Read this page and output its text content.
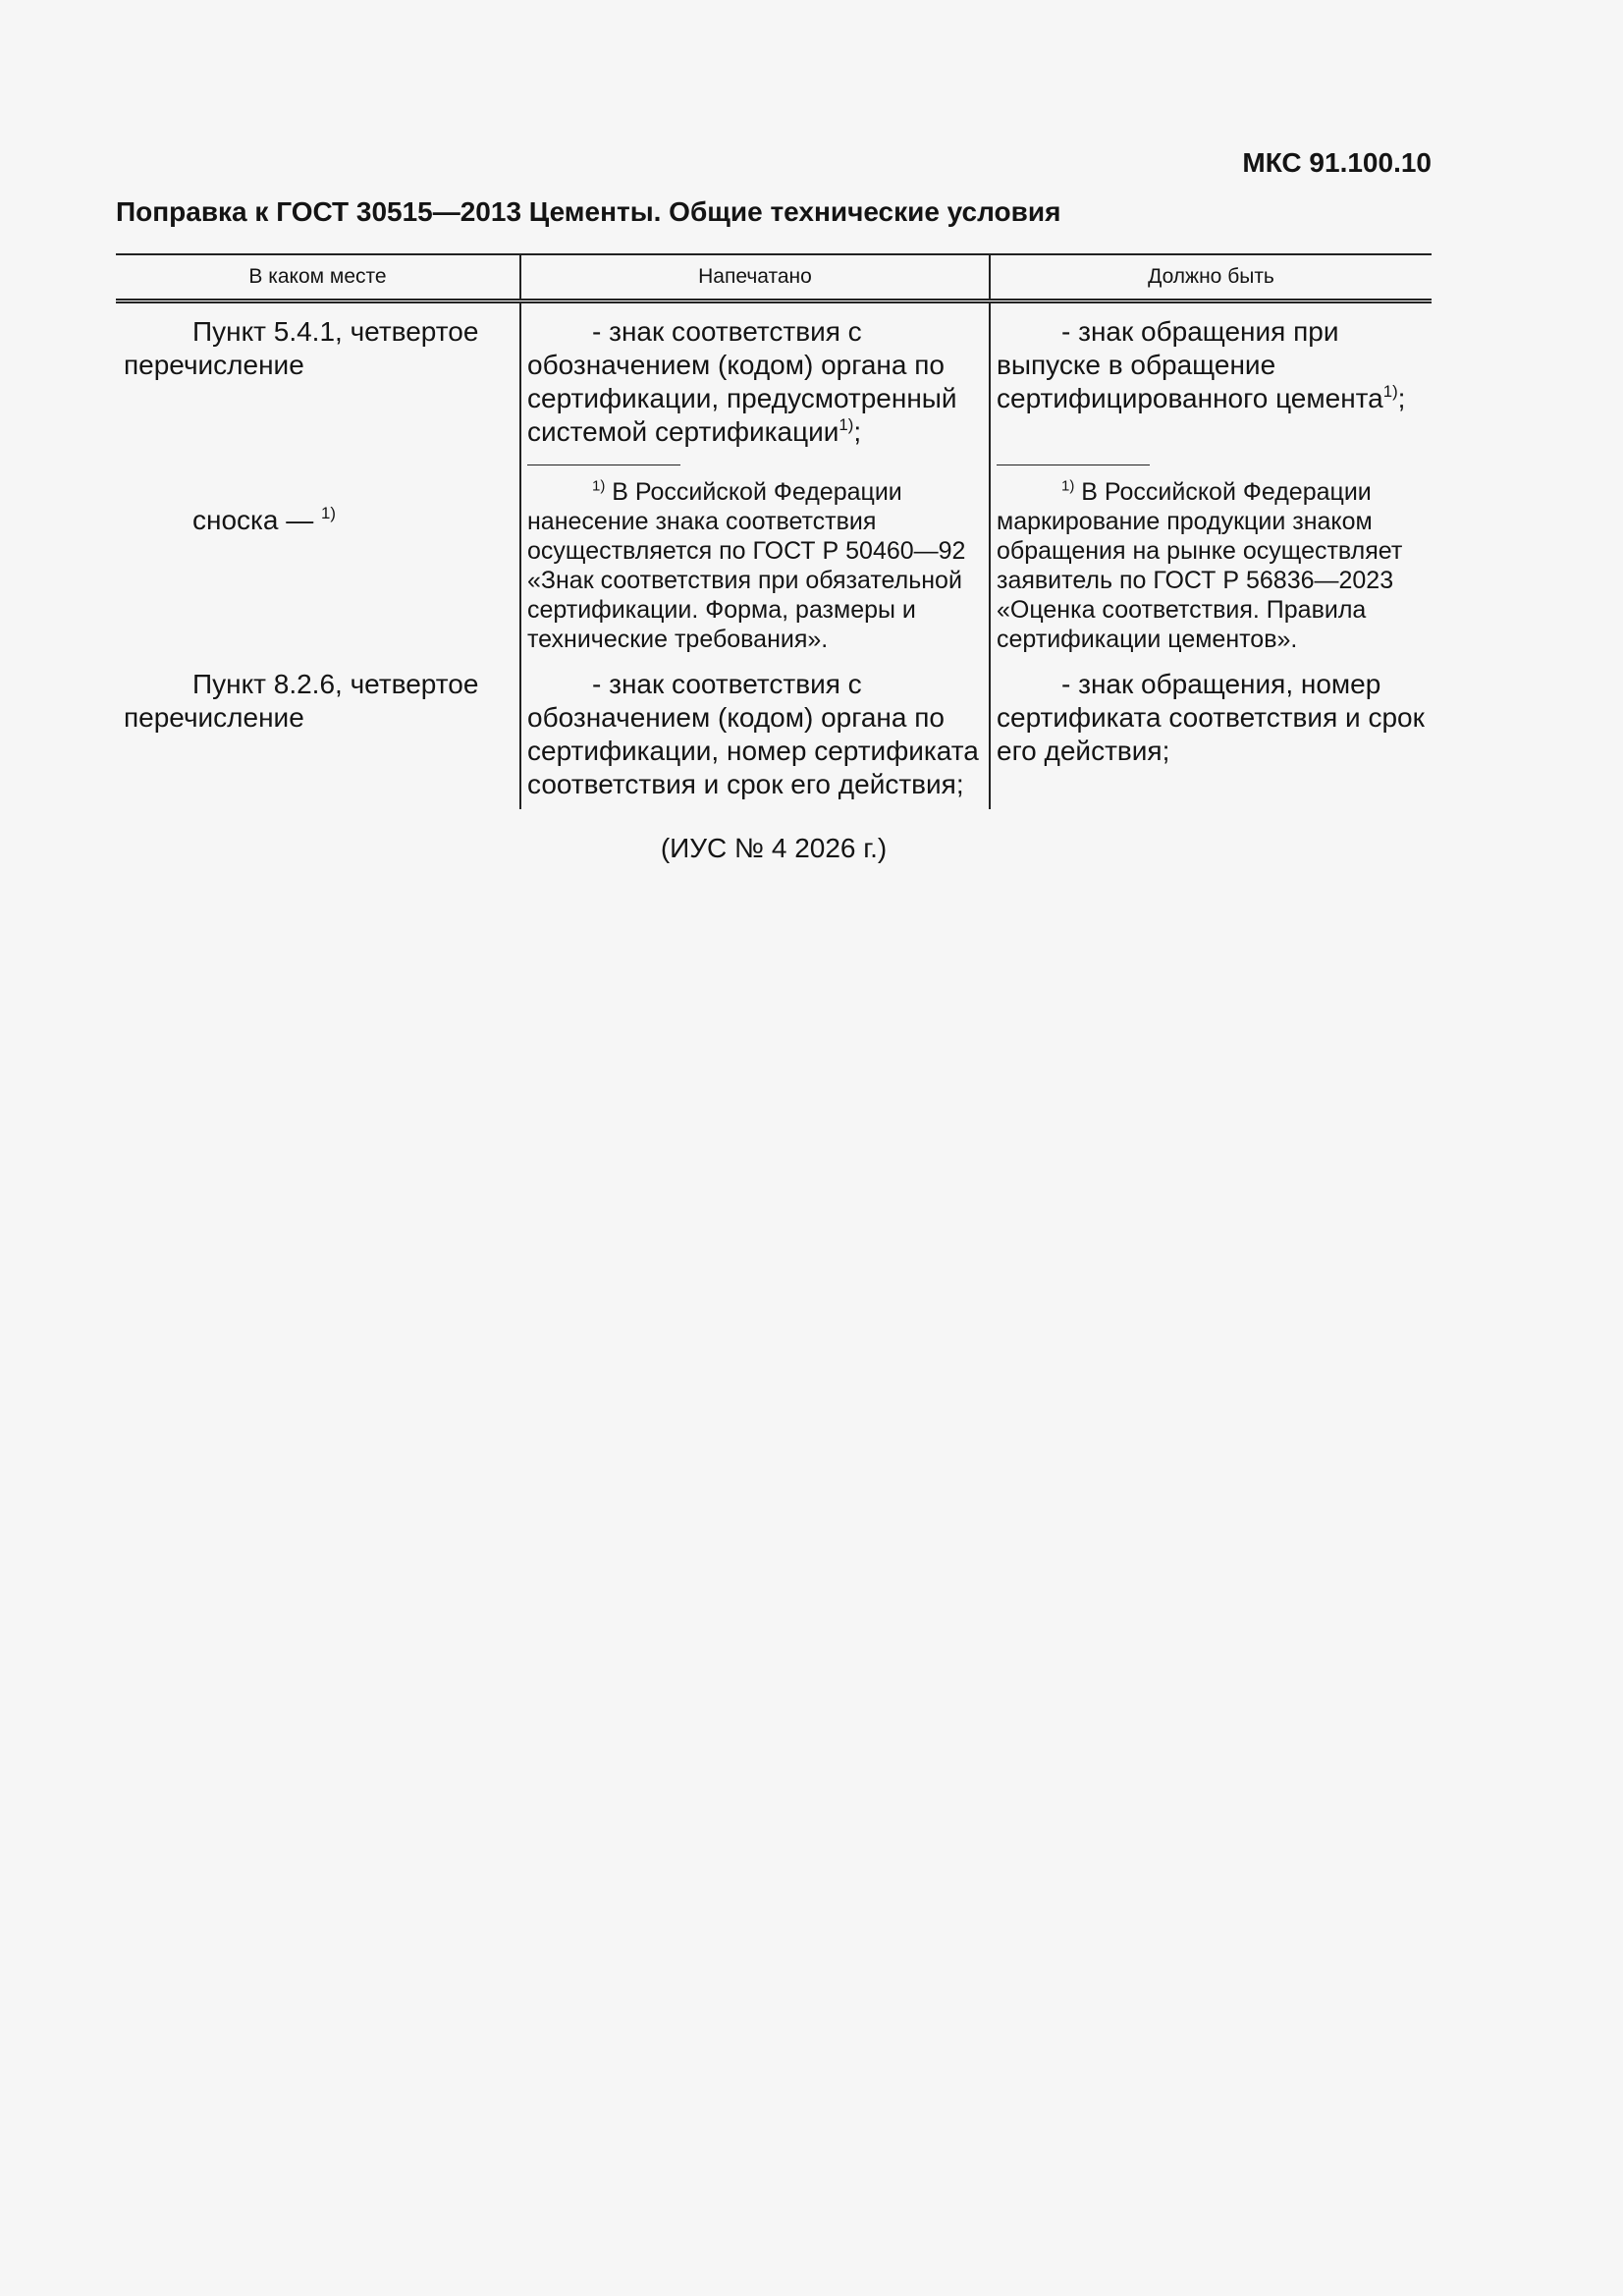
МКС 91.100.10
Поправка к ГОСТ 30515—2013 Цементы. Общие технические условия
В каком месте	Напечатано	Должно быть
Пункт 5.4.1, четвертое перечисление	- знак соответствия с обозначением (кодом) органа по сертификации, предусмотренный системой сертификации$^{1)}$;	- знак обращения при выпуске в обращение сертифицированного цемента$^{1)}$;
сноска — $^{1)}$	$^{1)}$ В Российской Федерации нанесение знака соответствия осуществляется по ГОСТ Р 50460—92 «Знак соответствия при обязательной сертификации. Форма, размеры и технические требования».	$^{1)}$ В Российской Федерации маркирование продукции знаком обращения на рынке осуществляет заявитель по ГОСТ Р 56836—2023 «Оценка соответствия. Правила сертификации цементов».

Пункт 8.2.6, четвертое перечисление	- знак соответствия с обозначением (кодом) органа по сертификации, номер сертификата соответствия и срок его действия;	- знак обращения, номер сертификата соответствия и срок его действия;
(ИУС № 4 2026 г.)
